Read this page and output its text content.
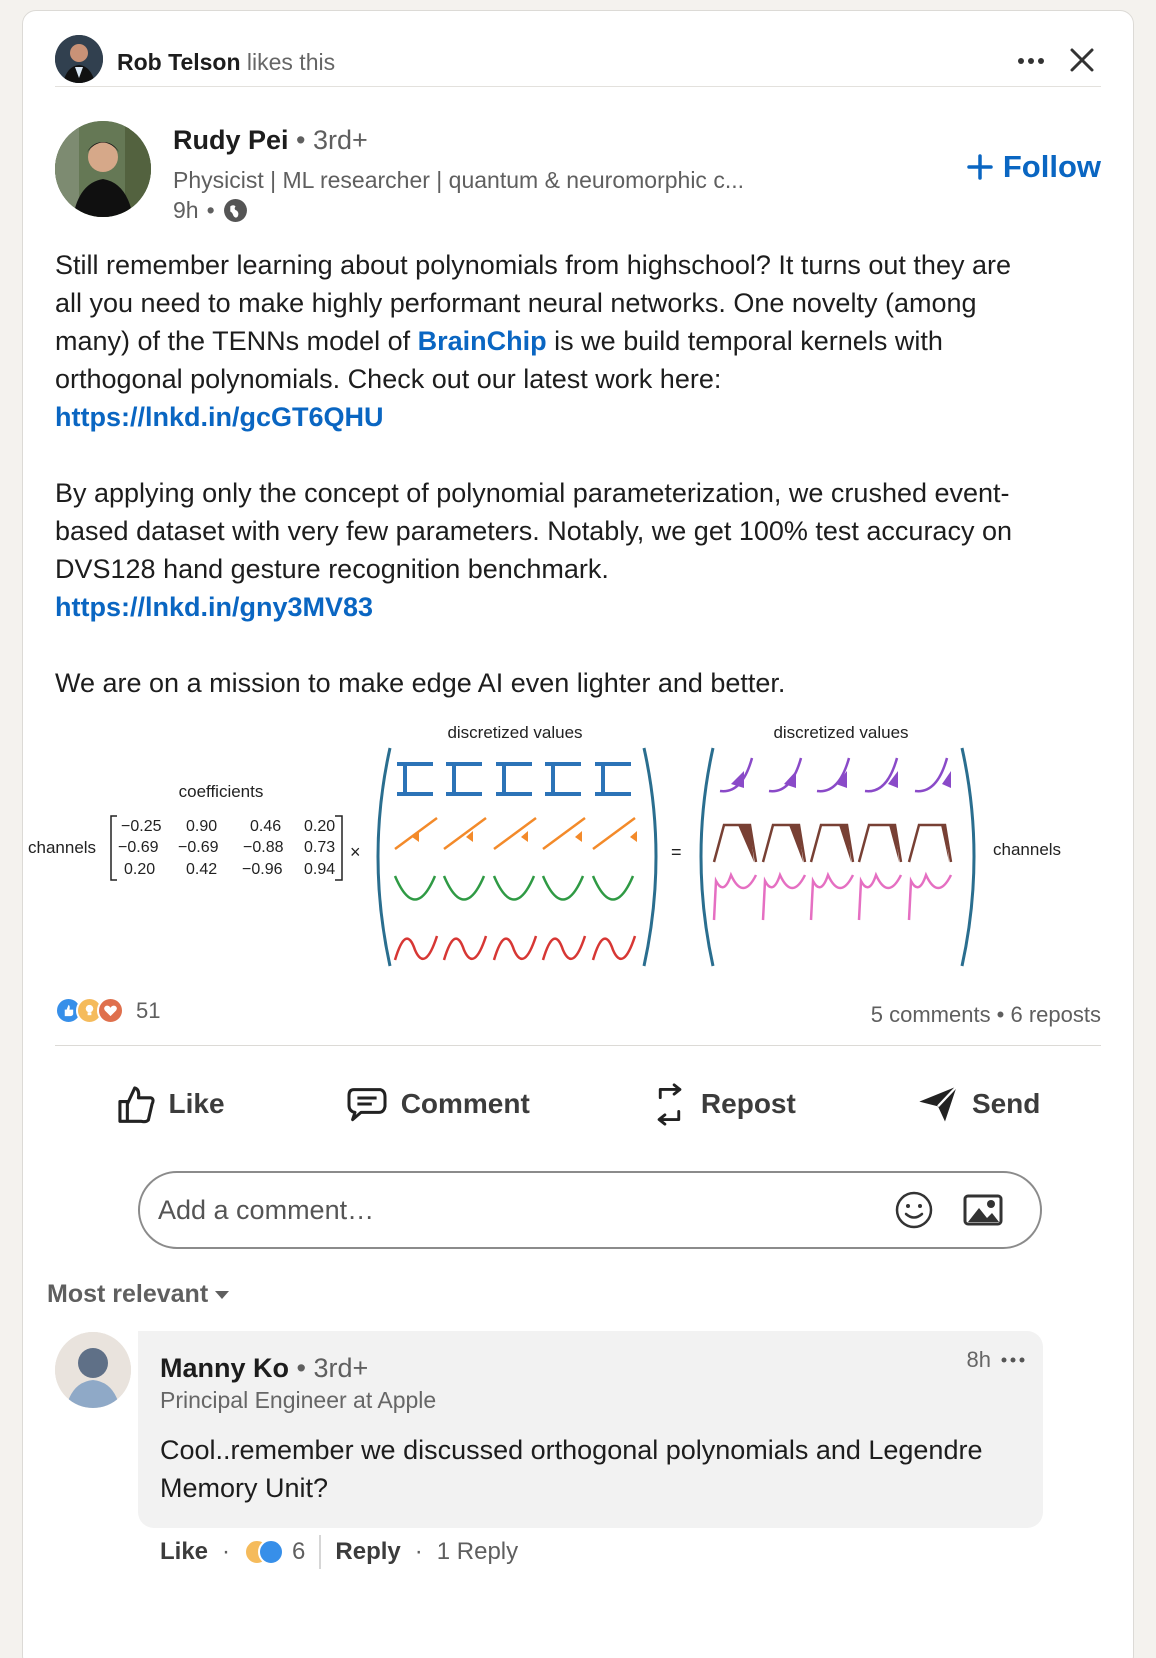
Rob Telson likes this
Rudy Pei • 3rd+
Physicist | ML researcher | quantum & neuromorphic c...
9h •
Follow

Still remember learning about polynomials from highschool? It turns out they are all you need to make highly performant neural networks. One novelty (among many) of the TENNs model of BrainChip is we build temporal kernels with orthogonal polynomials. Check out our latest work here:
https://lnkd.in/gcGT6QHU

By applying only the concept of polynomial parameterization, we crushed event-based dataset with very few parameters. Notably, we get 100% test accuracy on DVS128 hand gesture recognition benchmark.
https://lnkd.in/gny3MV83

We are on a mission to make edge AI even lighter and better.

coefficients
channels	channels
discretized values	discretized values
−0.25 0.90 0.46 0.20
−0.69 −0.69 −0.88 0.73
0.20 0.42 −0.96 0.94
×	=
51	5 comments • 6 reposts
Like	Comment	Repost	Send
Add a comment…
Most relevant
Manny Ko • 3rd+
Principal Engineer at Apple
8h
Cool..remember we discussed orthogonal polynomials and Legendre Memory Unit?
Like ·	6 Reply · 1 Reply
